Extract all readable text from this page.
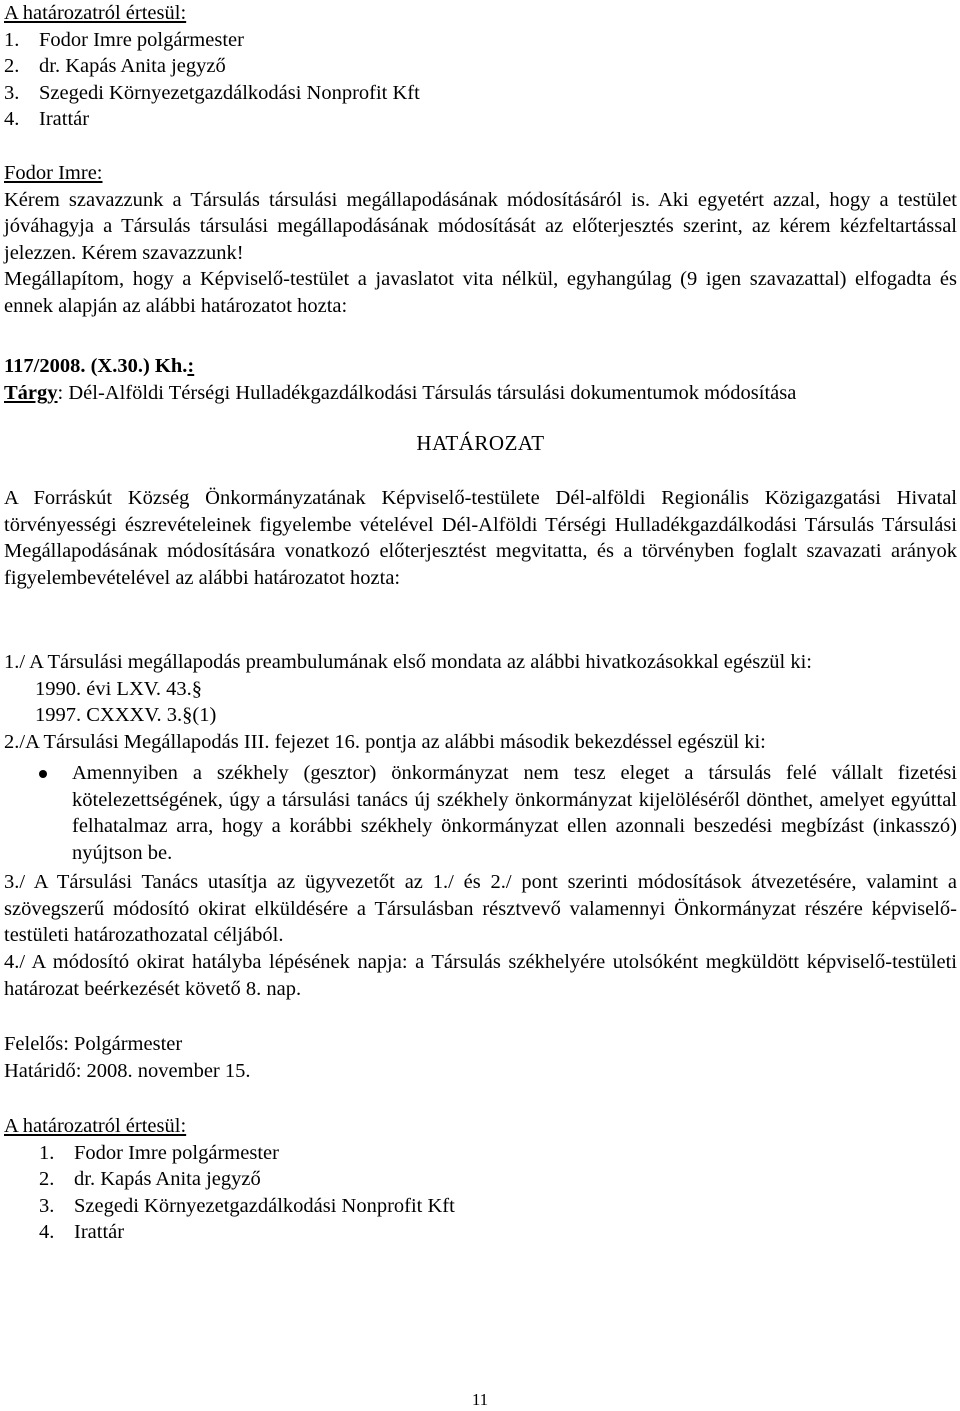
A határozatról értesül:

1. Fodor Imre polgármester
2. dr. Kapás Anita jegyző
3. Szegedi Környezetgazdálkodási Nonprofit Kft
4. Irattár

Fodor Imre:

Kérem szavazzunk a Társulás társulási megállapodásának módosításáról is. Aki egyetért azzal, hogy a testület jóváhagyja a Társulás társulási megállapodásának módosítását az előterjesztés szerint, az kérem kézfeltartással jelezzen. Kérem szavazzunk!

Megállapítom, hogy a Képviselő-testület a javaslatot vita nélkül, egyhangúlag (9 igen szavazattal) elfogadta és ennek alapján az alábbi határozatot hozta:

117/2008. (X.30.) Kh.:

Tárgy: Dél-Alföldi Térségi Hulladékgazdálkodási Társulás társulási dokumentumok módosítása

HATÁROZAT
A Forráskút Község Önkormányzatának Képviselő-testülete Dél-alföldi Regionális Közigazgatási Hivatal törvényességi észrevételeinek figyelembe vételével Dél-Alföldi Térségi Hulladékgazdálkodási Társulás Társulási Megállapodásának módosítására vonatkozó előterjesztést megvitatta, és a törvényben foglalt szavazati arányok figyelembevételével az alábbi határozatot hozta:

1./ A Társulási megállapodás preambulumának első mondata az alábbi hivatkozásokkal egészül ki:

1990. évi LXV. 43.§

1997. CXXXV. 3.§(1)

2./A Társulási Megállapodás III. fejezet 16. pontja az alábbi második bekezdéssel egészül ki:

Amennyiben a székhely (gesztor) önkormányzat nem tesz eleget a társulás felé vállalt fizetési kötelezettségének, úgy a társulási tanács új székhely önkormányzat kijelöléséről dönthet, amelyet egyúttal felhatalmaz arra, hogy a korábbi székhely önkormányzat ellen azonnali beszedési megbízást (inkasszó) nyújtson be.

3./ A Társulási Tanács utasítja az ügyvezetőt az 1./ és 2./ pont szerinti módosítások átvezetésére, valamint a szövegszerű módosító okirat elküldésére a Társulásban résztvevő valamennyi Önkormányzat részére képviselő-testületi határozathozatal céljából.
4./ A módosító okirat hatályba lépésének napja: a Társulás székhelyére utolsóként megküldött képviselő-testületi határozat beérkezését követő 8. nap.

Felelős: Polgármester

Határidő: 2008. november 15.

A határozatról értesül:

1. Fodor Imre polgármester

2. dr. Kapás Anita jegyző

3. Szegedi Környezetgazdálkodási Nonprofit Kft

4. Irattár

11
